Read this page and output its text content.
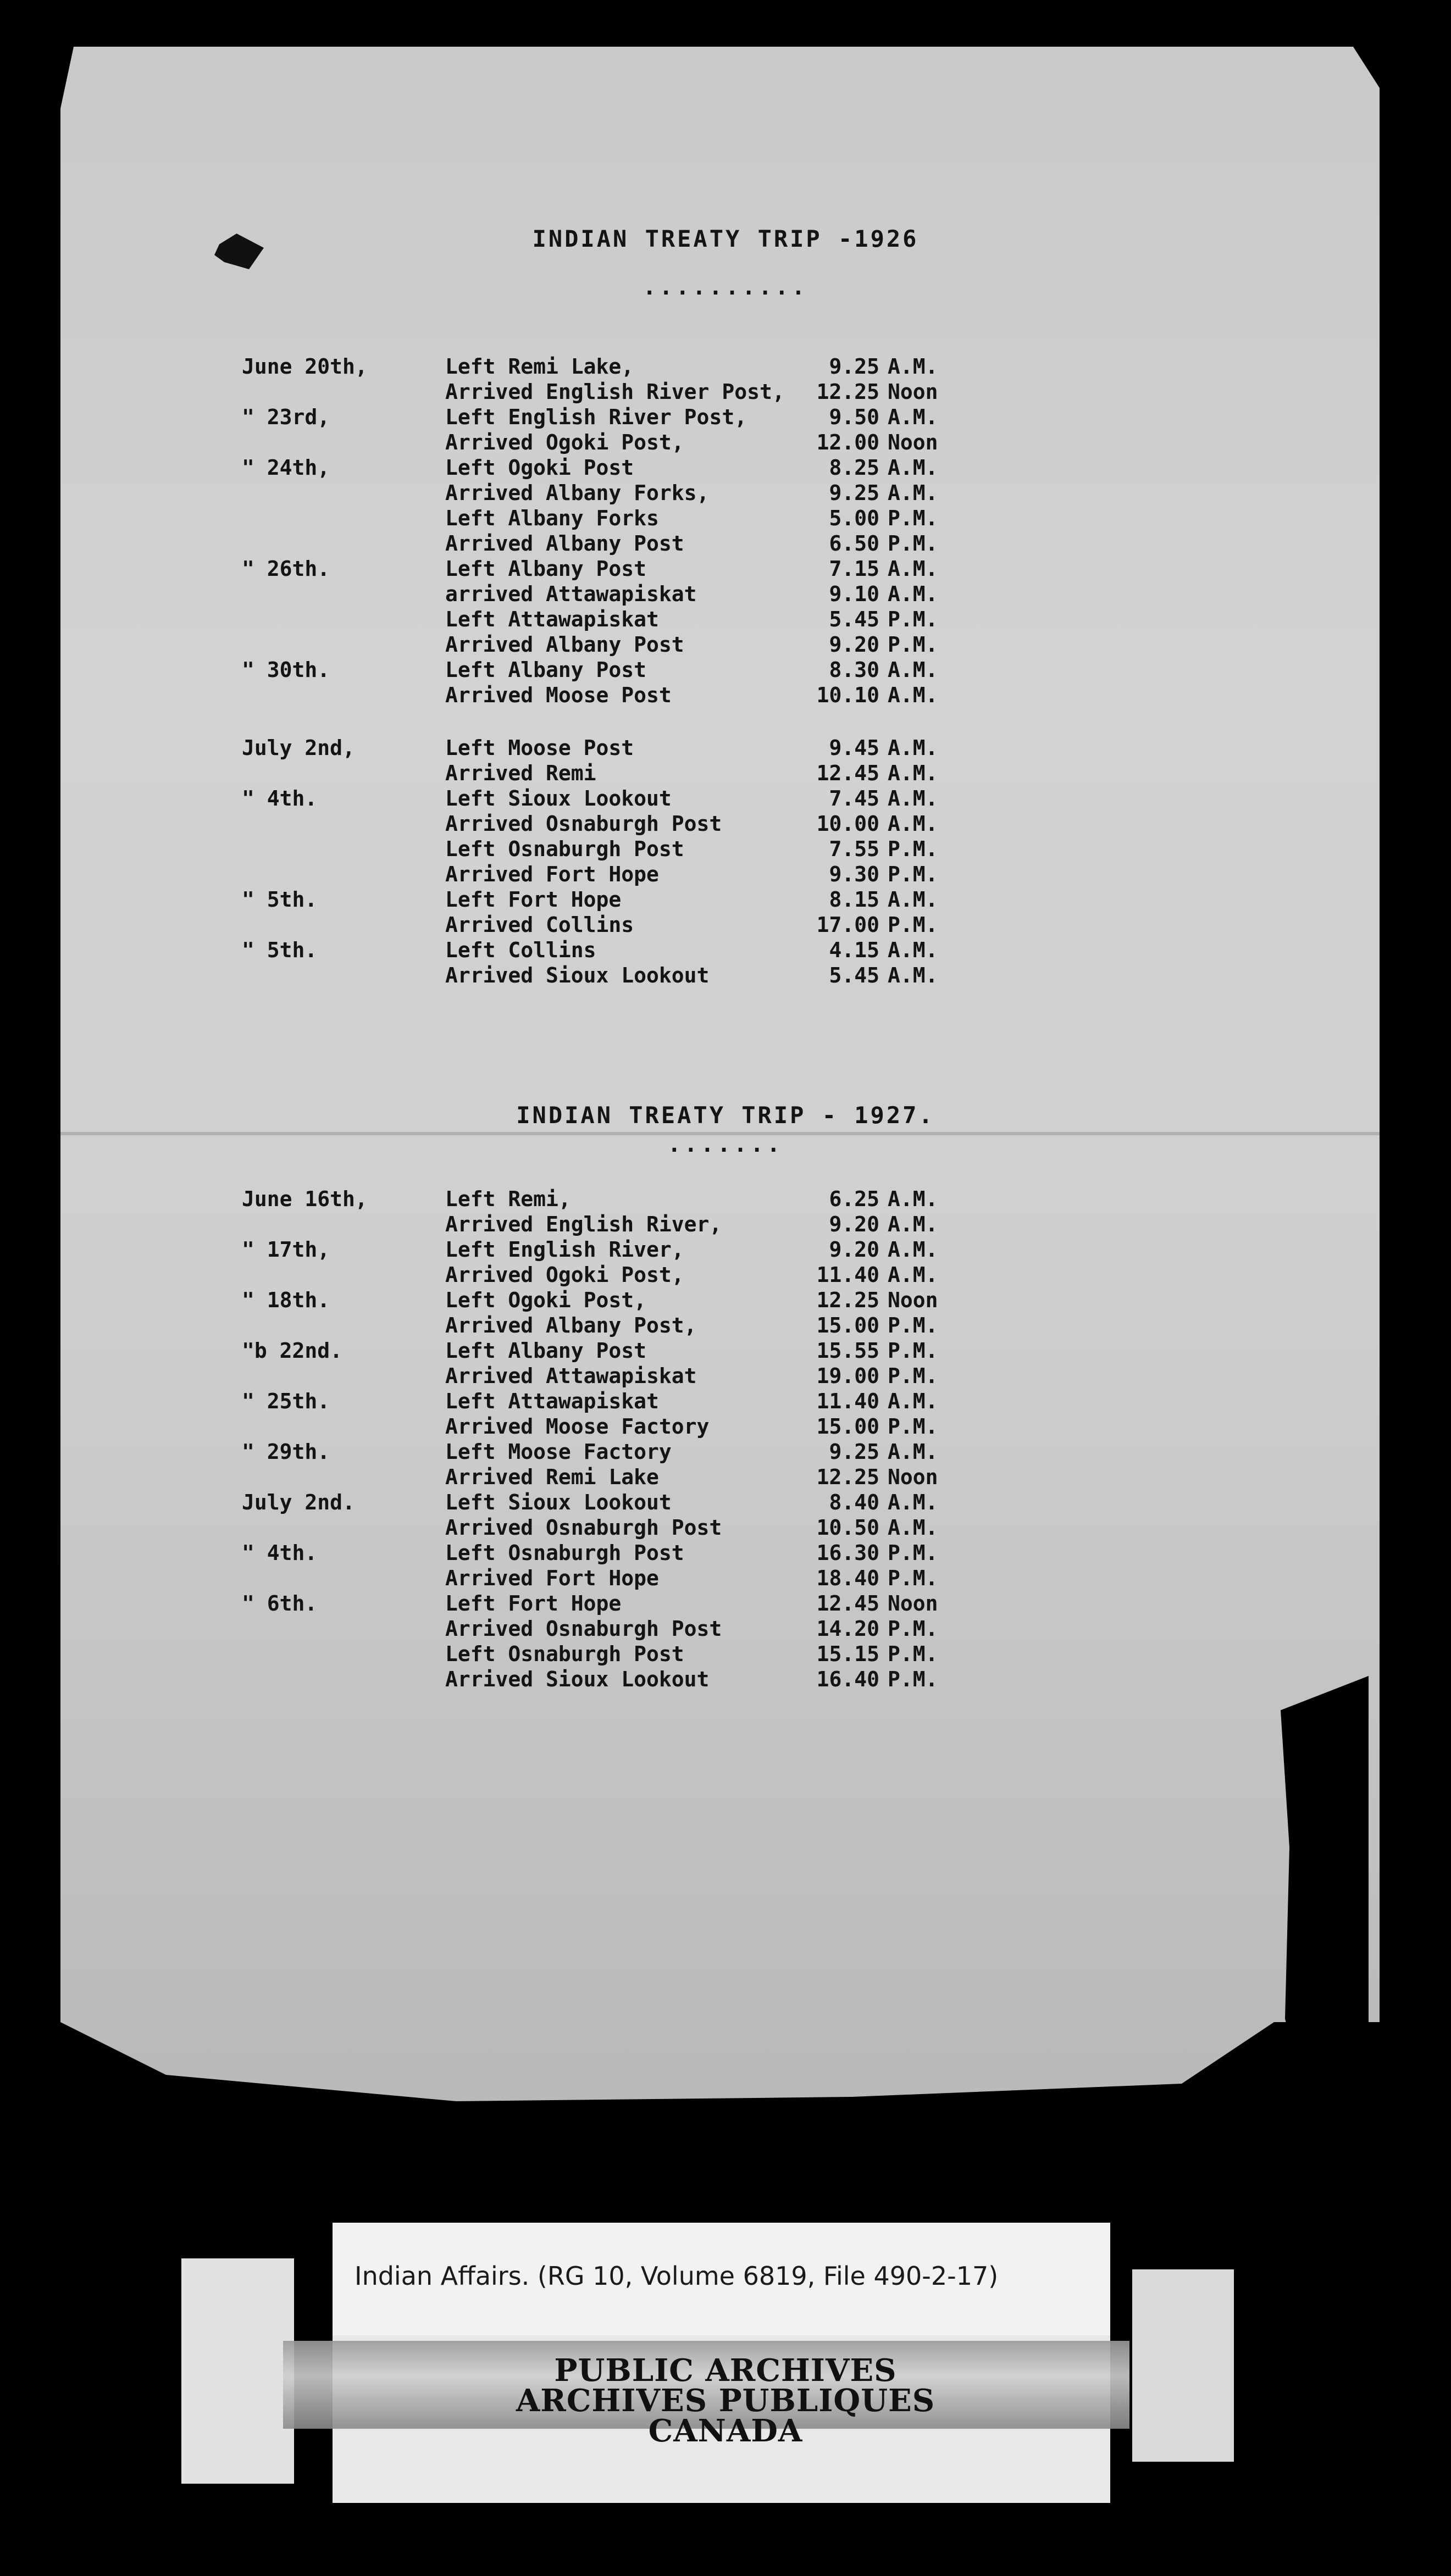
INDIAN TREATY TRIP -1926
..........
June 20th,	Left Remi Lake,	9.25 A.M.
Arrived English River Post,	12.25 Noon
" 23rd,	Left English River Post,	9.50 A.M.
Arrived Ogoki Post,	12.00 Noon
" 24th,	Left Ogoki Post	8.25 A.M.
Arrived Albany Forks,	9.25 A.M.
Left Albany Forks	5.00 P.M.
Arrived Albany Post	6.50 P.M.
" 26th.	Left Albany Post	7.15 A.M.
arrived Attawapiskat	9.10 A.M.
Left Attawapiskat	5.45 P.M.
Arrived Albany Post	9.20 P.M.
" 30th.	Left Albany Post	8.30 A.M.
Arrived Moose Post	10.10 A.M.
July 2nd,	Left Moose Post	9.45 A.M.
Arrived Remi	12.45 A.M.
" 4th.	Left Sioux Lookout	7.45 A.M.
Arrived Osnaburgh Post	10.00 A.M.
Left Osnaburgh Post	7.55 P.M.
Arrived Fort Hope	9.30 P.M.
" 5th.	Left Fort Hope	8.15 A.M.
Arrived Collins	17.00 P.M.
" 5th.	Left Collins	4.15 A.M.
Arrived Sioux Lookout	5.45 A.M.
INDIAN TREATY TRIP - 1927.
.......
June 16th,	Left Remi,	6.25 A.M.
Arrived English River,	9.20 A.M.
" 17th,	Left English River,	9.20 A.M.
Arrived Ogoki Post,	11.40 A.M.
" 18th.	Left Ogoki Post,	12.25 Noon
Arrived Albany Post,	15.00 P.M.
"b 22nd.	Left Albany Post	15.55 P.M.
Arrived Attawapiskat	19.00 P.M.
" 25th.	Left Attawapiskat	11.40 A.M.
Arrived Moose Factory	15.00 P.M.
" 29th.	Left Moose Factory	9.25 A.M.
Arrived Remi Lake	12.25 Noon
July 2nd.	Left Sioux Lookout	8.40 A.M.
Arrived Osnaburgh Post	10.50 A.M.
" 4th.	Left Osnaburgh Post	16.30 P.M.
Arrived Fort Hope	18.40 P.M.
" 6th.	Left Fort Hope	12.45 Noon
Arrived Osnaburgh Post	14.20 P.M.
Left Osnaburgh Post	15.15 P.M.
Arrived Sioux Lookout	16.40 P.M.
Indian Affairs. (RG 10, Volume 6819, File 490-2-17)
PUBLIC ARCHIVES
ARCHIVES PUBLIQUES
CANADA
